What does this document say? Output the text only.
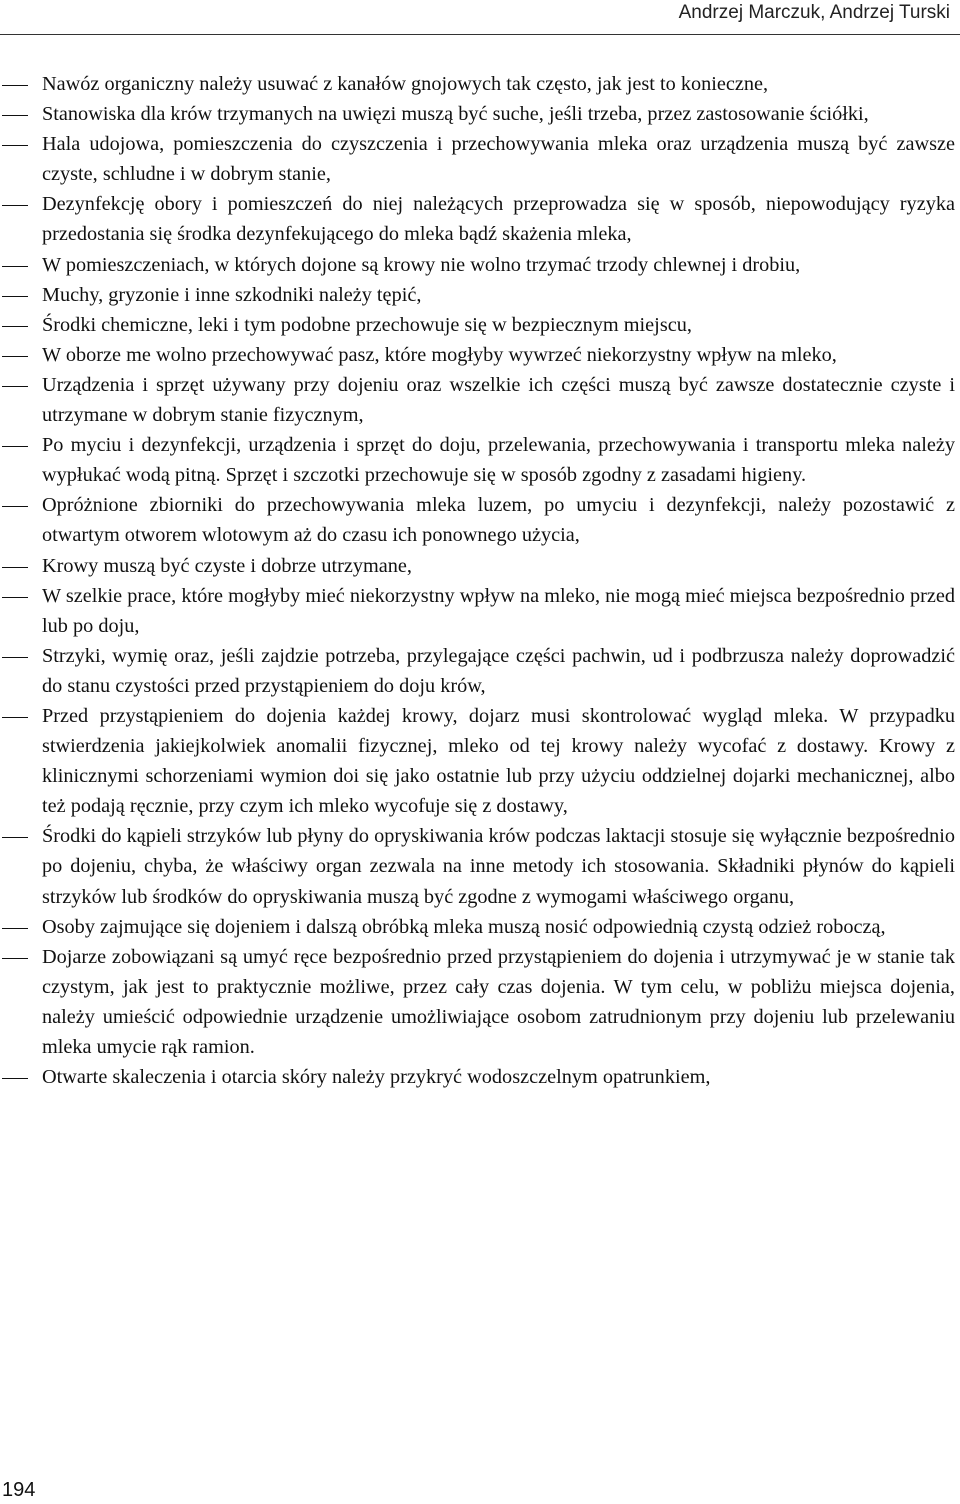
Andrzej Marczuk, Andrzej Turski
Nawóz organiczny należy usuwać z kanałów gnojowych tak często, jak jest to konieczne,
Stanowiska dla krów trzymanych na uwięzi muszą być suche, jeśli trzeba, przez zastosowanie ściółki,
Hala udojowa, pomieszczenia do czyszczenia i przechowywania mleka oraz urządzenia muszą być zawsze czyste, schludne i w dobrym stanie,
Dezynfekcję obory i pomieszczeń do niej należących przeprowadza się w sposób, niepowodujący ryzyka przedostania się środka dezynfekującego do mleka bądź skażenia mleka,
W pomieszczeniach, w których dojone są krowy nie wolno trzymać trzody chlewnej i drobiu,
Muchy, gryzonie i inne szkodniki należy tępić,
Środki chemiczne, leki i tym podobne przechowuje się w bezpiecznym miejscu,
W oborze me wolno przechowywać pasz, które mogłyby wywrzeć niekorzystny wpływ na mleko,
Urządzenia i sprzęt używany przy dojeniu oraz wszelkie ich części muszą być zawsze dostatecznie czyste i utrzymane w dobrym stanie fizycznym,
Po myciu i dezynfekcji, urządzenia i sprzęt do doju, przelewania, przechowywania i transportu mleka należy wypłukać wodą pitną. Sprzęt i szczotki przechowuje się w sposób zgodny z zasadami higieny.
Opróżnione zbiorniki do przechowywania mleka luzem, po umyciu i dezynfekcji, należy pozostawić z otwartym otworem wlotowym aż do czasu ich ponownego użycia,
Krowy muszą być czyste i dobrze utrzymane,
W szelkie prace, które mogłyby mieć niekorzystny wpływ na mleko, nie mogą mieć miejsca bezpośrednio przed lub po doju,
Strzyki, wymię oraz, jeśli zajdzie potrzeba, przylegające części pachwin, ud i podbrzusza należy doprowadzić do stanu czystości przed przystąpieniem do doju krów,
Przed przystąpieniem do dojenia każdej krowy, dojarz musi skontrolować wygląd mleka. W przypadku stwierdzenia jakiejkolwiek anomalii fizycznej, mleko od tej krowy należy wycofać z dostawy. Krowy z klinicznymi schorzeniami wymion doi się jako ostatnie lub przy użyciu oddzielnej dojarki mechanicznej, albo też podają ręcznie, przy czym ich mleko wycofuje się z dostawy,
Środki do kąpieli strzyków lub płyny do opryskiwania krów podczas laktacji stosuje się wyłącznie bezpośrednio po dojeniu, chyba, że właściwy organ zezwala na inne metody ich stosowania. Składniki płynów do kąpieli strzyków lub środków do opryskiwania muszą być zgodne z wymogami właściwego organu,
Osoby zajmujące się dojeniem i dalszą obróbką mleka muszą nosić odpowiednią czystą odzież roboczą,
Dojarze zobowiązani są umyć ręce bezpośrednio przed przystąpieniem do dojenia i utrzymywać je w stanie tak czystym, jak jest to praktycznie możliwe, przez cały czas dojenia. W tym celu, w pobliżu miejsca dojenia, należy umieścić odpowiednie urządzenie umożliwiające osobom zatrudnionym przy dojeniu lub przelewaniu mleka umycie rąk ramion.
Otwarte skaleczenia i otarcia skóry należy przykryć wodoszczelnym opatrunkiem,
194
